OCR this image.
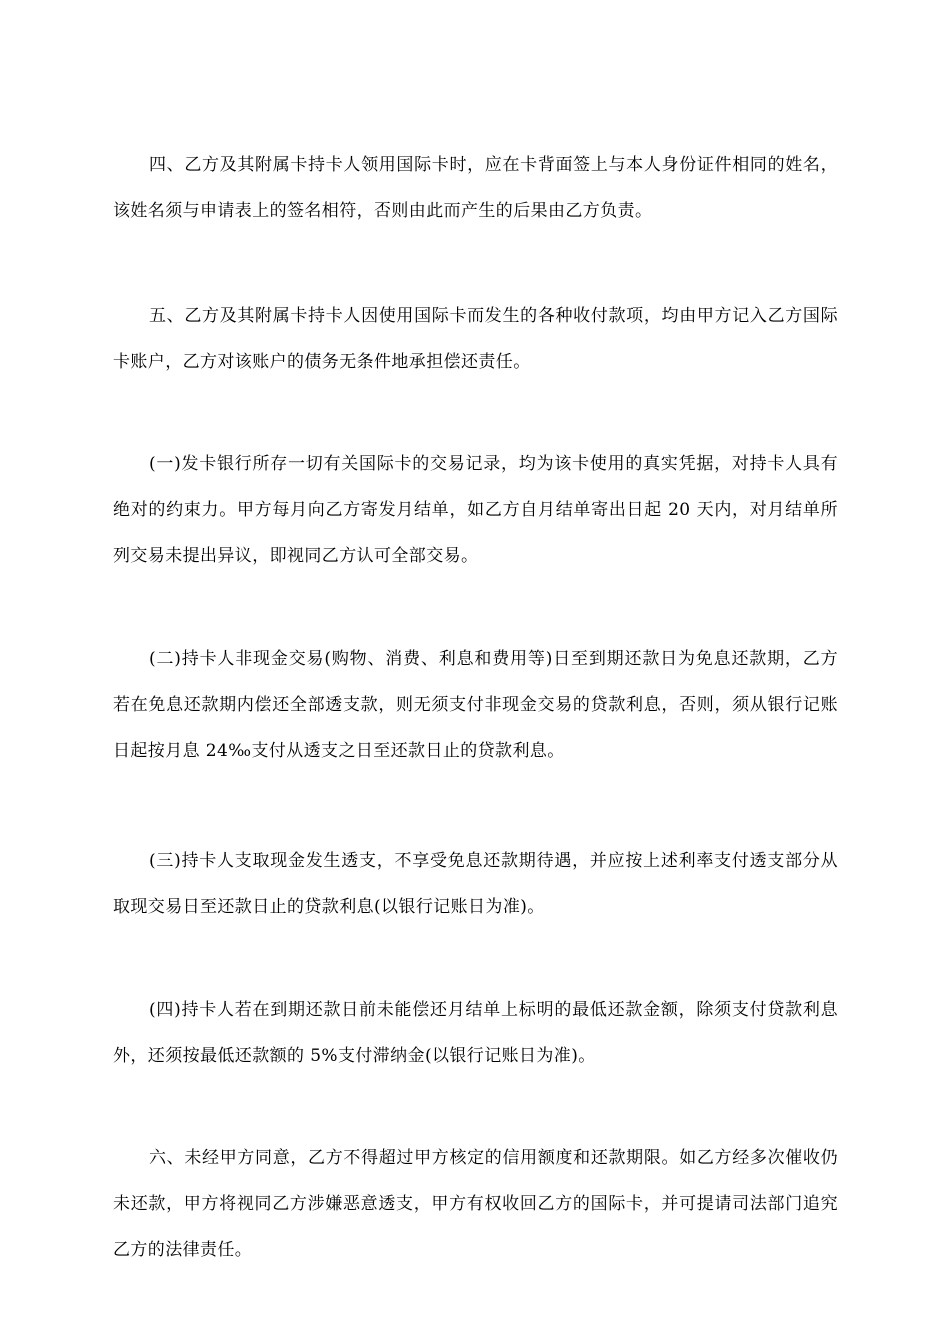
四、乙方及其附属卡持卡人领用国际卡时，应在卡背面签上与本人身份证件相同的姓名，该姓名须与申请表上的签名相符，否则由此而产生的后果由乙方负责。

五、乙方及其附属卡持卡人因使用国际卡而发生的各种收付款项，均由甲方记入乙方国际卡账户，乙方对该账户的债务无条件地承担偿还责任。

(一)发卡银行所存一切有关国际卡的交易记录，均为该卡使用的真实凭据，对持卡人具有绝对的约束力。甲方每月向乙方寄发月结单，如乙方自月结单寄出日起 20 天内，对月结单所列交易未提出异议，即视同乙方认可全部交易。

(二)持卡人非现金交易(购物、消费、利息和费用等)日至到期还款日为免息还款期，乙方若在免息还款期内偿还全部透支款，则无须支付非现金交易的贷款利息，否则，须从银行记账日起按月息 24‰支付从透支之日至还款日止的贷款利息。

(三)持卡人支取现金发生透支，不享受免息还款期待遇，并应按上述利率支付透支部分从取现交易日至还款日止的贷款利息(以银行记账日为准)。

(四)持卡人若在到期还款日前未能偿还月结单上标明的最低还款金额，除须支付贷款利息外，还须按最低还款额的 5%支付滞纳金(以银行记账日为准)。

六、未经甲方同意，乙方不得超过甲方核定的信用额度和还款期限。如乙方经多次催收仍未还款，甲方将视同乙方涉嫌恶意透支，甲方有权收回乙方的国际卡，并可提请司法部门追究乙方的法律责任。
